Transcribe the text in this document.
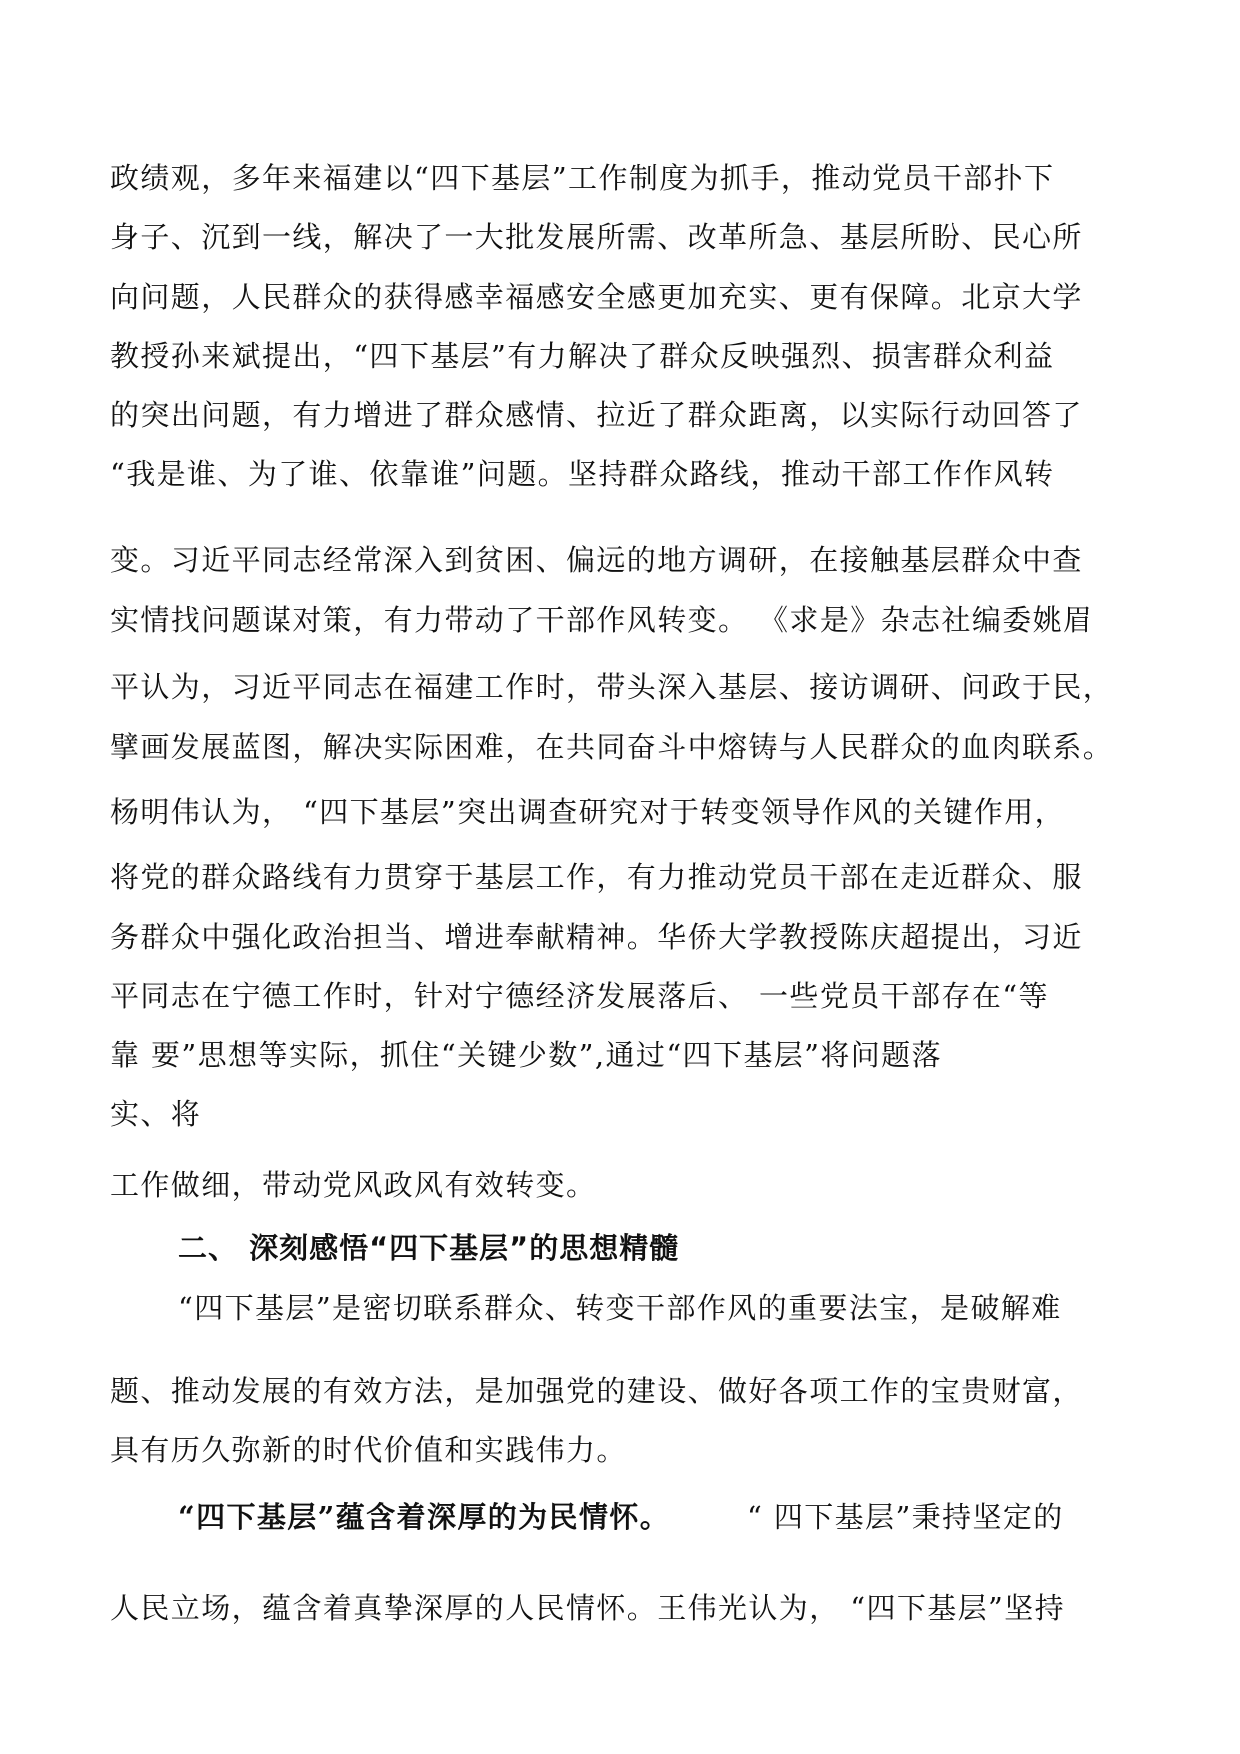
政绩观，多年来福建以“四下基层”工作制度为抓手，推动党员干部扑下
身子、沉到一线，解决了一大批发展所需、改革所急、基层所盼、民心所
向问题，人民群众的获得感幸福感安全感更加充实、更有保障。北京大学
教授孙来斌提出，“四下基层”有力解决了群众反映强烈、损害群众利益
的突出问题，有力增进了群众感情、拉近了群众距离，以实际行动回答了
“我是谁、为了谁、依靠谁”问题。坚持群众路线，推动干部工作作风转
变。习近平同志经常深入到贫困、偏远的地方调研，在接触基层群众中查
实情找问题谋对策，有力带动了干部作风转变。 《求是》杂志社编委姚眉
平认为，习近平同志在福建工作时，带头深入基层、接访调研、问政于民，
擘画发展蓝图，解决实际困难，在共同奋斗中熔铸与人民群众的血肉联系。
杨明伟认为， “四下基层”突出调查研究对于转变领导作风的关键作用，
将党的群众路线有力贯穿于基层工作，有力推动党员干部在走近群众、服
务群众中强化政治担当、增进奉献精神。华侨大学教授陈庆超提出，习近
平同志在宁德工作时，针对宁德经济发展落后、 一些党员干部存在“等
靠 要”思想等实际，抓住“关键少数”,通过“四下基层”将问题落
实、将
工作做细，带动党风政风有效转变。
二、 深刻感悟“四下基层”的思想精髓
“四下基层”是密切联系群众、转变干部作风的重要法宝，是破解难
题、推动发展的有效方法，是加强党的建设、做好各项工作的宝贵财富，
具有历久弥新的时代价值和实践伟力。
“四下基层”蕴含着深厚的为民情怀。	“ 四下基层”秉持坚定的
人民立场，蕴含着真挚深厚的人民情怀。王伟光认为， “四下基层”坚持
